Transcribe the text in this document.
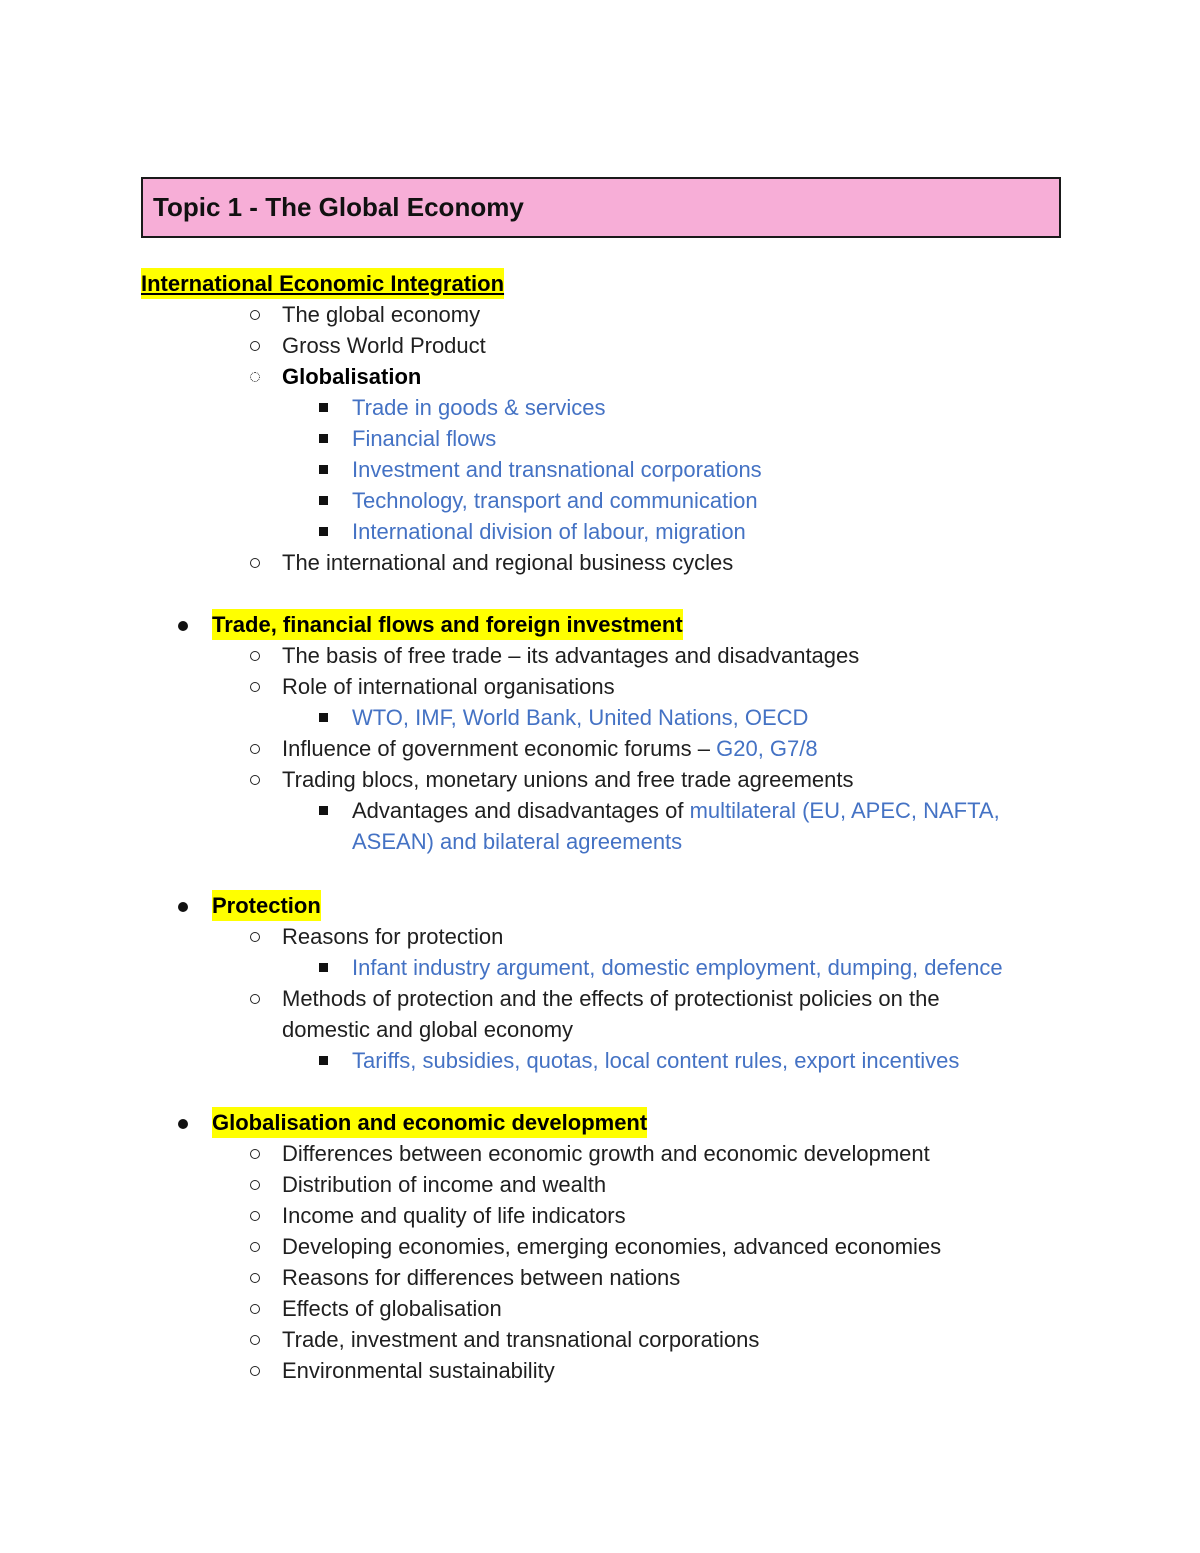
Topic 1 - The Global Economy
International Economic Integration
The global economy
Gross World Product
Globalisation
Trade in goods & services
Financial flows
Investment and transnational corporations
Technology, transport and communication
International division of labour, migration
The international and regional business cycles
Trade, financial flows and foreign investment
The basis of free trade – its advantages and disadvantages
Role of international organisations
WTO, IMF, World Bank, United Nations, OECD
Influence of government economic forums – G20, G7/8
Trading blocs, monetary unions and free trade agreements
Advantages and disadvantages of multilateral (EU, APEC, NAFTA,
ASEAN) and bilateral agreements
Protection
Reasons for protection
Infant industry argument, domestic employment, dumping, defence
Methods of protection and the effects of protectionist policies on the
domestic and global economy
Tariffs, subsidies, quotas, local content rules, export incentives
Globalisation and economic development
Differences between economic growth and economic development
Distribution of income and wealth
Income and quality of life indicators
Developing economies, emerging economies, advanced economies
Reasons for differences between nations
Effects of globalisation
Trade, investment and transnational corporations
Environmental sustainability
